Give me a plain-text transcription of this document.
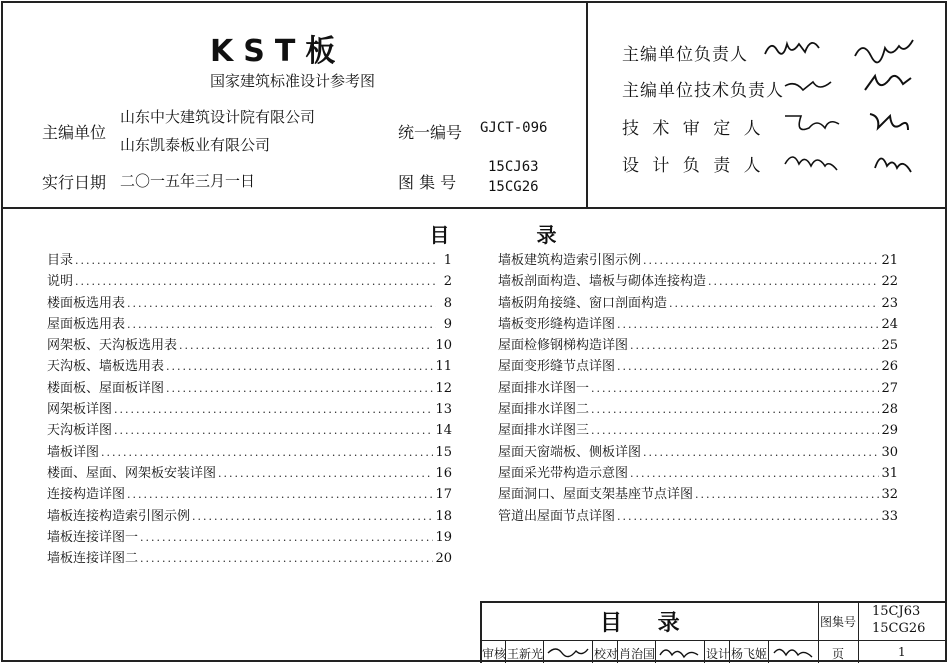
KST板
国家建筑标准设计参考图
主编单位
山东中大建筑设计院有限公司
山东凯泰板业有限公司
统一编号 GJCT-096
实行日期 二〇一五年三月一日	图 集 号
15CJ63
15CG26
主编单位负责人
主编单位技术负责人
技 术 审 定 人
设 计 负 责 人
目 录
目录 .....	1
说明 .....	2
楼面板选用表 .....	8
屋面板选用表 .....	9
网架板、天沟板选用表 .....	10
天沟板、墙板选用表 .....	11
楼面板、屋面板详图 .....	12
网架板详图 .....	13
天沟板详图 .....	14
墙板详图 .....	15
楼面、屋面、网架板安装详图 .....	16
连接构造详图 .....	17
墙板连接构造索引图示例 .....	18
墙板连接详图一 .....	19
墙板连接详图二 .....	20
墙板建筑构造索引图示例 .....	21
墙板剖面构造、墙板与砌体连接构造 .....	22
墙板阴角接缝、窗口剖面构造 .....	23
墙板变形缝构造详图 .....	24
屋面检修钢梯构造详图 .....	25
屋面变形缝节点详图 .....	26
屋面排水详图一 .....	27
屋面排水详图二 .....	28
屋面排水详图三 .....	29
屋面天窗端板、侧板详图 .....	30
屋面采光带构造示意图 .....	31
屋面洞口、屋面支架基座节点详图 .....	32
管道出屋面节点详图 .....	33
目 录	图集号
15CJ63
15CG26
审核 王新光	校对 肖治国	设计 杨飞姬	页	1
